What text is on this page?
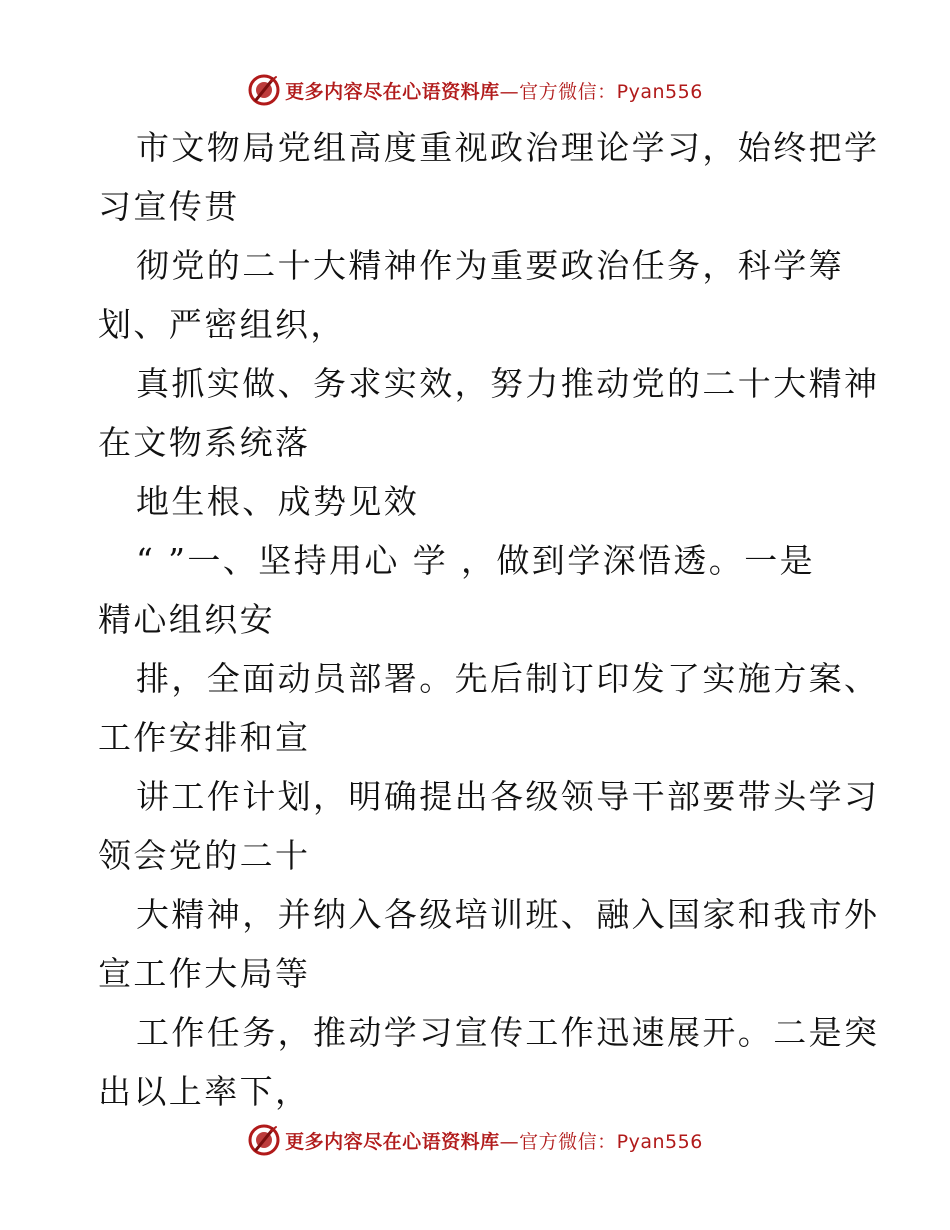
更多内容尽在心语资料库—官方微信：Pyan556
市文物局党组高度重视政治理论学习，始终把学
习宣传贯
彻党的二十大精神作为重要政治任务，科学筹
划、严密组织，
真抓实做、务求实效，努力推动党的二十大精神
在文物系统落
地生根、成势见效
“ ”一、坚持用心 学 ，做到学深悟透。一是
精心组织安
排，全面动员部署。先后制订印发了实施方案、
工作安排和宣
讲工作计划，明确提出各级领导干部要带头学习
领会党的二十
大精神，并纳入各级培训班、融入国家和我市外
宣工作大局等
工作任务，推动学习宣传工作迅速展开。二是突
出以上率下，
更多内容尽在心语资料库—官方微信：Pyan556
